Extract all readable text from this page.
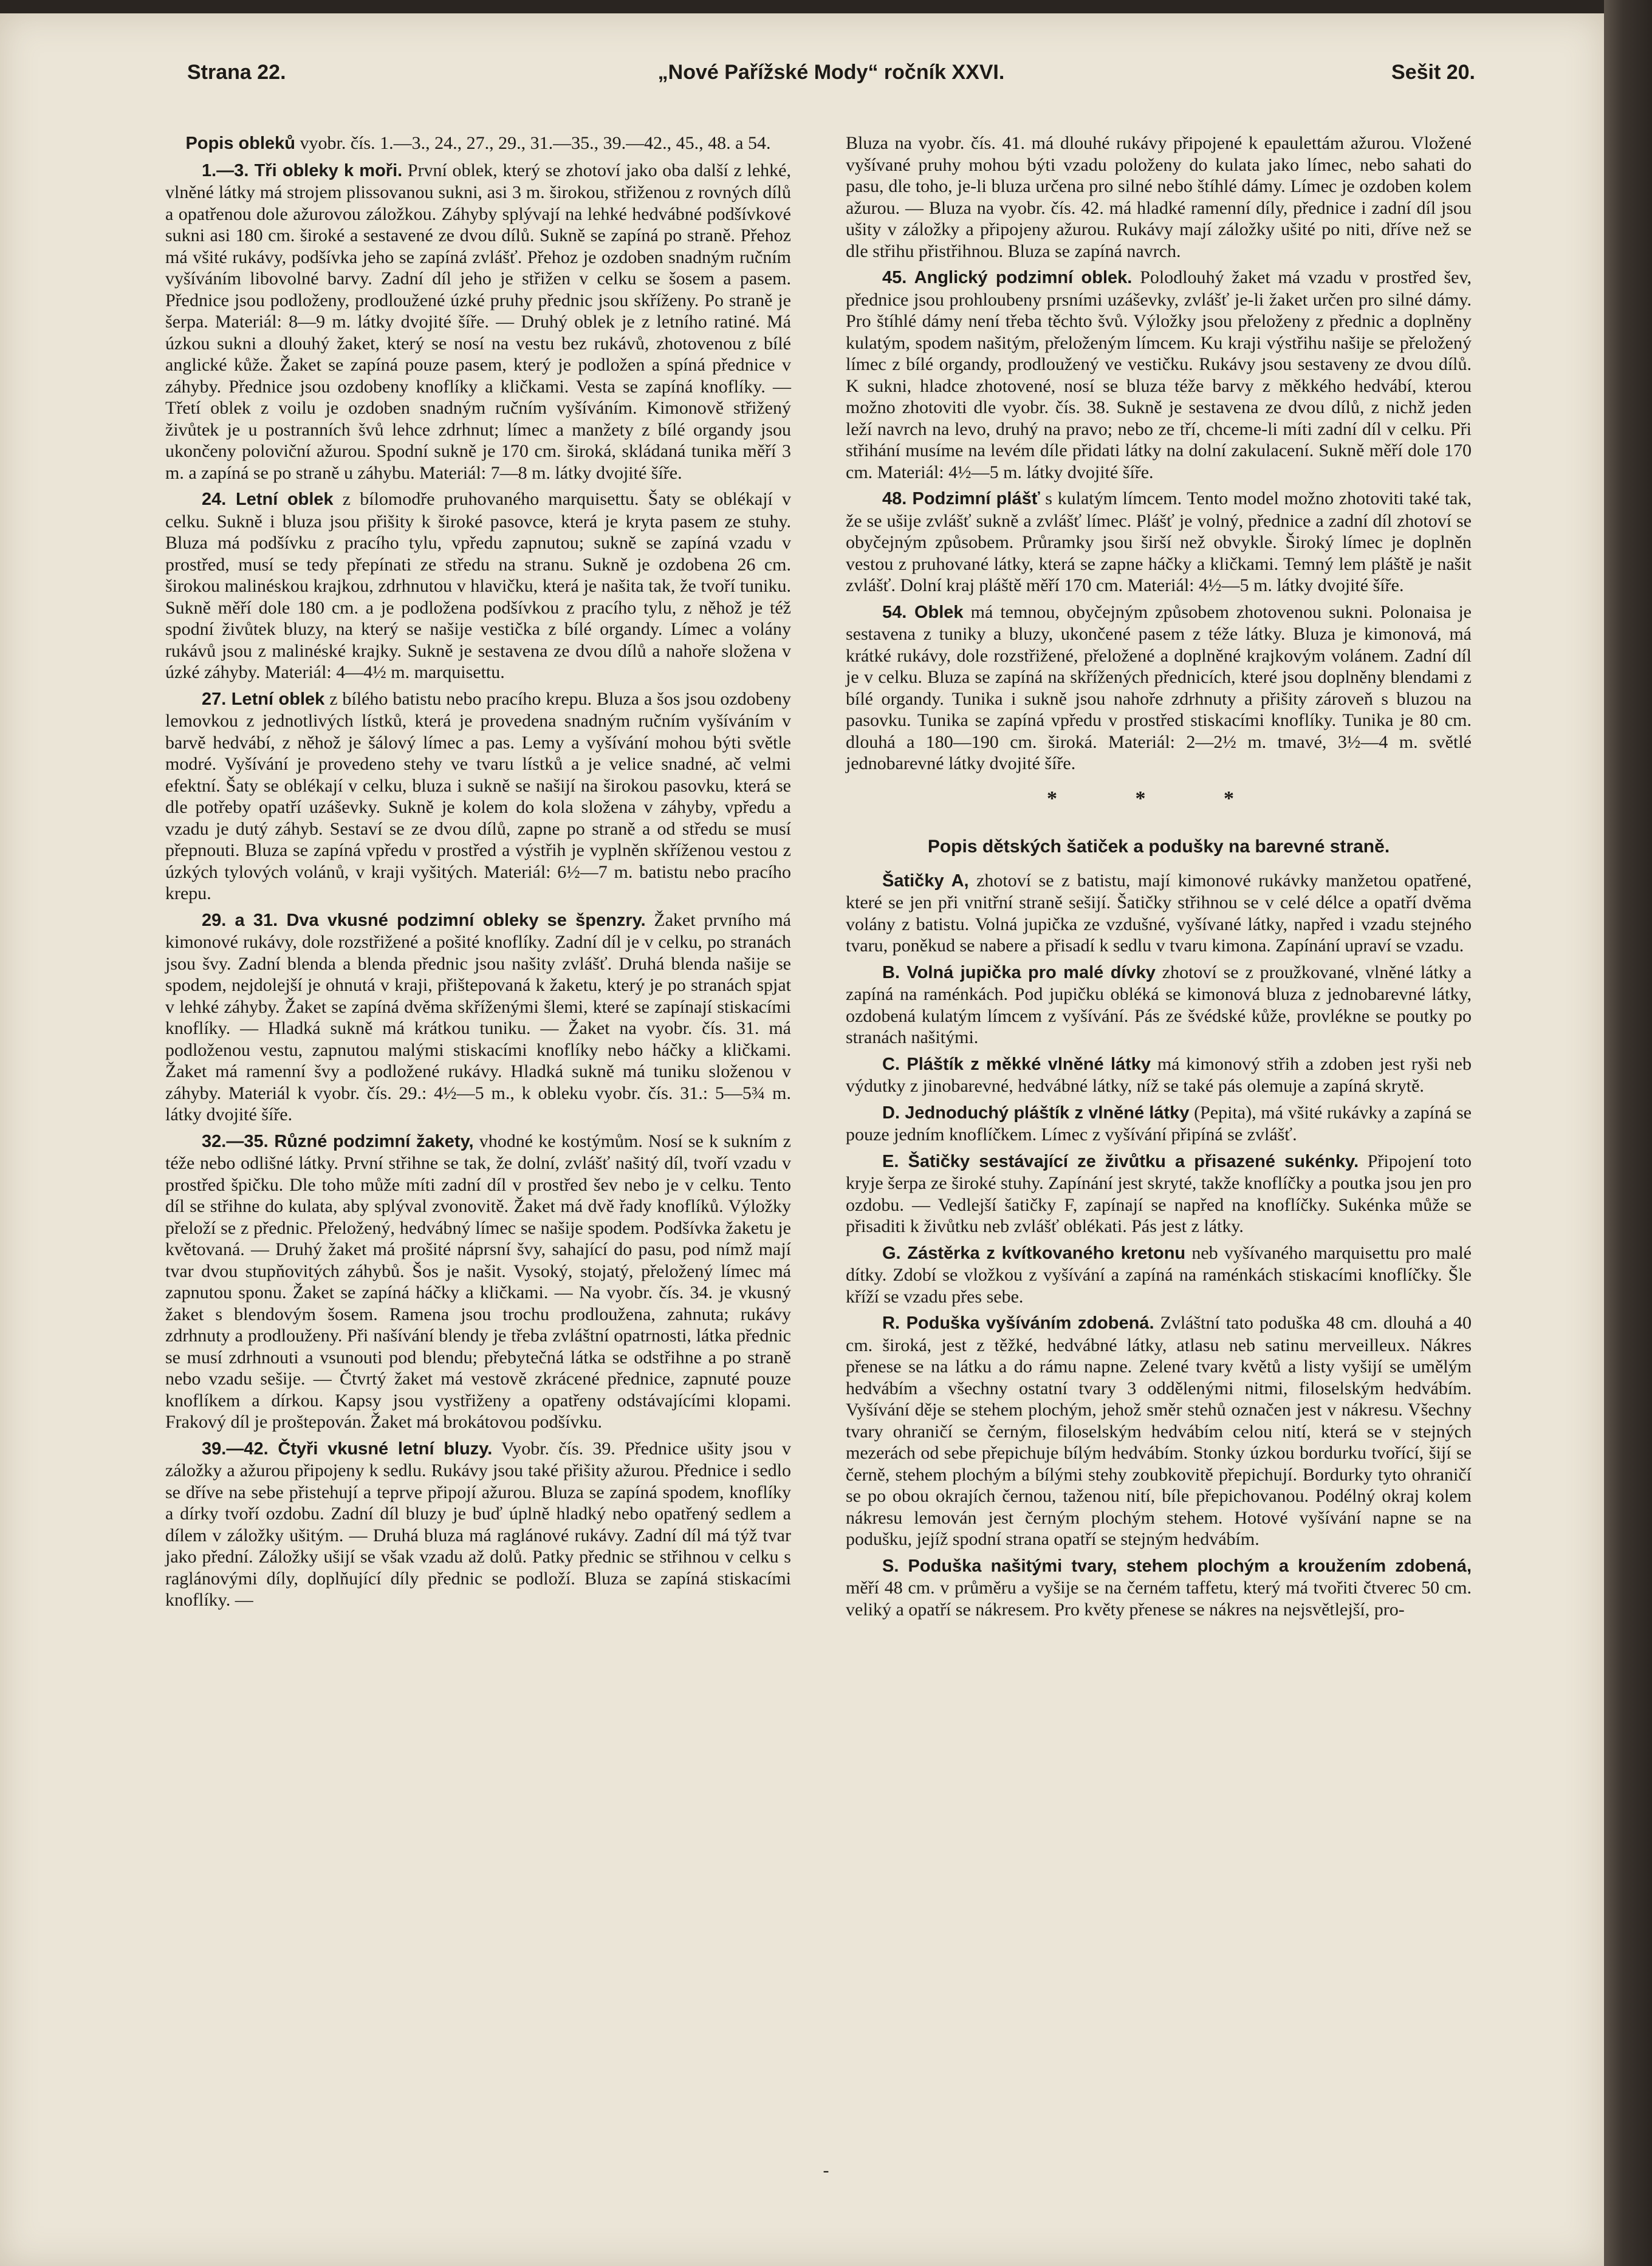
Strana 22.	„Nové Pařížské Mody“ ročník XXVI.	Sešit 20.

Popis obleků vyobr. čís. 1.—3., 24., 27., 29., 31.—35., 39.—42., 45., 48. a 54.

1.—3. Tři obleky k moři. První oblek, který se zhotoví jako oba další z lehké, vlněné látky má strojem plissovanou sukni, asi 3 m. širokou, střiženou z rovných dílů a opatřenou dole ažurovou záložkou. Záhyby splývají na lehké hedvábné podšívkové sukni asi 180 cm. široké a sestavené ze dvou dílů. Sukně se zapíná po straně. Přehoz má všité rukávy, podšívka jeho se zapíná zvlášť. Přehoz je ozdoben snadným ručním vyšíváním libovolné barvy. Zadní díl jeho je střižen v celku se šosem a pasem. Přednice jsou podloženy, prodloužené úzké pruhy přednic jsou skříženy. Po straně je šerpa. Materiál: 8—9 m. látky dvojité šíře. — Druhý oblek je z letního ratiné. Má úzkou sukni a dlouhý žaket, který se nosí na vestu bez rukávů, zhotovenou z bílé anglické kůže. Žaket se zapíná pouze pasem, který je podložen a spíná přednice v záhyby. Přednice jsou ozdobeny knoflíky a kličkami. Vesta se zapíná knoflíky. — Třetí oblek z voilu je ozdoben snadným ručním vyšíváním. Kimonově střižený živůtek je u postranních švů lehce zdrhnut; límec a manžety z bílé organdy jsou ukončeny poloviční ažurou. Spodní sukně je 170 cm. široká, skládaná tunika měří 3 m. a zapíná se po straně u záhybu. Materiál: 7—8 m. látky dvojité šíře.

24. Letní oblek z bílomodře pruhovaného marquisettu. Šaty se oblékají v celku. Sukně i bluza jsou přišity k široké pasovce, která je kryta pasem ze stuhy. Bluza má podšívku z pracího tylu, vpředu zapnutou; sukně se zapíná vzadu v prostřed, musí se tedy přepínati ze středu na stranu. Sukně je ozdobena 26 cm. širokou malinéskou krajkou, zdrhnutou v hlavičku, která je našita tak, že tvoří tuniku. Sukně měří dole 180 cm. a je podložena podšívkou z pracího tylu, z něhož je též spodní živůtek bluzy, na který se našije vestička z bílé organdy. Límec a volány rukávů jsou z malinéské krajky. Sukně je sestavena ze dvou dílů a nahoře složena v úzké záhyby. Materiál: 4—4½ m. marquisettu.

27. Letní oblek z bílého batistu nebo pracího krepu. Bluza a šos jsou ozdobeny lemovkou z jednotlivých lístků, která je provedena snadným ručním vyšíváním v barvě hedvábí, z něhož je šálový límec a pas. Lemy a vyšívání mohou býti světle modré. Vyšívání je provedeno stehy ve tvaru lístků a je velice snadné, ač velmi efektní. Šaty se oblékají v celku, bluza i sukně se našijí na širokou pasovku, která se dle potřeby opatří uzáševky. Sukně je kolem do kola složena v záhyby, vpředu a vzadu je dutý záhyb. Sestaví se ze dvou dílů, zapne po straně a od středu se musí přepnouti. Bluza se zapíná vpředu v prostřed a výstřih je vyplněn skříženou vestou z úzkých tylových volánů, v kraji vyšitých. Materiál: 6½—7 m. batistu nebo pracího krepu.

29. a 31. Dva vkusné podzimní obleky se špenzry. Žaket prvního má kimonové rukávy, dole rozstřižené a pošité knoflíky. Zadní díl je v celku, po stranách jsou švy. Zadní blenda a blenda přednic jsou našity zvlášť. Druhá blenda našije se spodem, nejdolejší je ohnutá v kraji, přištepovaná k žaketu, který je po stranách spjat v lehké záhyby. Žaket se zapíná dvěma skříženými šlemi, které se zapínají stiskacími knoflíky. — Hladká sukně má krátkou tuniku. — Žaket na vyobr. čís. 31. má podloženou vestu, zapnutou malými stiskacími knoflíky nebo háčky a kličkami. Žaket má ramenní švy a podložené rukávy. Hladká sukně má tuniku složenou v záhyby. Materiál k vyobr. čís. 29.: 4½—5 m., k obleku vyobr. čís. 31.: 5—5¾ m. látky dvojité šíře.

32.—35. Různé podzimní žakety, vhodné ke kostýmům. Nosí se k sukním z téže nebo odlišné látky. První střihne se tak, že dolní, zvlášť našitý díl, tvoří vzadu v prostřed špičku. Dle toho může míti zadní díl v prostřed šev nebo je v celku. Tento díl se střihne do kulata, aby splýval zvonovitě. Žaket má dvě řady knoflíků. Výložky přeloží se z přednic. Přeložený, hedvábný límec se našije spodem. Podšívka žaketu je květovaná. — Druhý žaket má prošité náprsní švy, sahající do pasu, pod nímž mají tvar dvou stupňovitých záhybů. Šos je našit. Vysoký, stojatý, přeložený límec má zapnutou sponu. Žaket se zapíná háčky a kličkami. — Na vyobr. čís. 34. je vkusný žaket s blendovým šosem. Ramena jsou trochu prodloužena, zahnuta; rukávy zdrhnuty a prodlouženy. Při našívání blendy je třeba zvláštní opatrnosti, látka přednic se musí zdrhnouti a vsunouti pod blendu; přebytečná látka se odstřihne a po straně nebo vzadu sešije. — Čtvrtý žaket má vestově zkrácené přednice, zapnuté pouze knoflíkem a dírkou. Kapsy jsou vystřiženy a opatřeny odstávajícími klopami. Frakový díl je proštepován. Žaket má brokátovou podšívku.

39.—42. Čtyři vkusné letní bluzy. Vyobr. čís. 39. Přednice ušity jsou v záložky a ažurou připojeny k sedlu. Rukávy jsou také přišity ažurou. Přednice i sedlo se dříve na sebe přistehují a teprve připojí ažurou. Bluza se zapíná spodem, knoflíky a dírky tvoří ozdobu. Zadní díl bluzy je buď úplně hladký nebo opatřený sedlem a dílem v záložky ušitým. — Druhá bluza má raglánové rukávy. Zadní díl má týž tvar jako přední. Záložky ušijí se však vzadu až dolů. Patky přednic se střihnou v celku s raglánovými díly, doplňující díly přednic se podloží. Bluza se zapíná stiskacími knoflíky. —

Bluza na vyobr. čís. 41. má dlouhé rukávy připojené k epaulettám ažurou. Vložené vyšívané pruhy mohou býti vzadu položeny do kulata jako límec, nebo sahati do pasu, dle toho, je-li bluza určena pro silné nebo štíhlé dámy. Límec je ozdoben kolem ažurou. — Bluza na vyobr. čís. 42. má hladké ramenní díly, přednice i zadní díl jsou ušity v záložky a připojeny ažurou. Rukávy mají záložky ušité po niti, dříve než se dle střihu přistřihnou. Bluza se zapíná navrch.

45. Anglický podzimní oblek. Polodlouhý žaket má vzadu v prostřed šev, přednice jsou prohloubeny prsními uzáševky, zvlášť je-li žaket určen pro silné dámy. Pro štíhlé dámy není třeba těchto švů. Výložky jsou přeloženy z přednic a doplněny kulatým, spodem našitým, přeloženým límcem. Ku kraji výstřihu našije se přeložený límec z bílé organdy, prodloužený ve vestičku. Rukávy jsou sestaveny ze dvou dílů. K sukni, hladce zhotovené, nosí se bluza téže barvy z měkkého hedvábí, kterou možno zhotoviti dle vyobr. čís. 38. Sukně je sestavena ze dvou dílů, z nichž jeden leží navrch na levo, druhý na pravo; nebo ze tří, chceme-li míti zadní díl v celku. Při střihání musíme na levém díle přidati látky na dolní zakulacení. Sukně měří dole 170 cm. Materiál: 4½—5 m. látky dvojité šíře.

48. Podzimní plášť s kulatým límcem. Tento model možno zhotoviti také tak, že se ušije zvlášť sukně a zvlášť límec. Plášť je volný, přednice a zadní díl zhotoví se obyčejným způsobem. Průramky jsou širší než obvykle. Široký límec je doplněn vestou z pruhované látky, která se zapne háčky a kličkami. Temný lem pláště je našit zvlášť. Dolní kraj pláště měří 170 cm. Materiál: 4½—5 m. látky dvojité šíře.

54. Oblek má temnou, obyčejným způsobem zhotovenou sukni. Polonaisa je sestavena z tuniky a bluzy, ukončené pasem z téže látky. Bluza je kimonová, má krátké rukávy, dole rozstřižené, přeložené a doplněné krajkovým volánem. Zadní díl je v celku. Bluza se zapíná na skřížených přednicích, které jsou doplněny blendami z bílé organdy. Tunika i sukně jsou nahoře zdrhnuty a přišity zároveň s bluzou na pasovku. Tunika se zapíná vpředu v prostřed stiskacími knoflíky. Tunika je 80 cm. dlouhá a 180—190 cm. široká. Materiál: 2—2½ m. tmavé, 3½—4 m. světlé jednobarevné látky dvojité šíře.

* * *
Popis dětských šatiček a podušky na barevné straně.

Šatičky A, zhotoví se z batistu, mají kimonové rukávky manžetou opatřené, které se jen při vnitřní straně sešijí. Šatičky střihnou se v celé délce a opatří dvěma volány z batistu. Volná jupička ze vzdušné, vyšívané látky, napřed i vzadu stejného tvaru, poněkud se nabere a přisadí k sedlu v tvaru kimona. Zapínání upraví se vzadu.

B. Volná jupička pro malé dívky zhotoví se z proužkované, vlněné látky a zapíná na raménkách. Pod jupičku obléká se kimonová bluza z jednobarevné látky, ozdobená kulatým límcem z vyšívání. Pás ze švédské kůže, provlékne se poutky po stranách našitými.

C. Pláštík z měkké vlněné látky má kimonový střih a zdoben jest ryši neb výdutky z jinobarevné, hedvábné látky, níž se také pás olemuje a zapíná skrytě.

D. Jednoduchý pláštík z vlněné látky (Pepita), má všité rukávky a zapíná se pouze jedním knoflíčkem. Límec z vyšívání připíná se zvlášť.

E. Šatičky sestávající ze živůtku a přisazené sukénky. Připojení toto kryje šerpa ze široké stuhy. Zapínání jest skryté, takže knoflíčky a poutka jsou jen pro ozdobu. — Vedlejší šatičky F, zapínají se napřed na knoflíčky. Sukénka může se přisaditi k živůtku neb zvlášť oblékati. Pás jest z látky.

G. Zástěrka z kvítkovaného kretonu neb vyšívaného marquisettu pro malé dítky. Zdobí se vložkou z vyšívání a zapíná na raménkách stiskacími knoflíčky. Šle kříží se vzadu přes sebe.

R. Poduška vyšíváním zdobená. Zvláštní tato poduška 48 cm. dlouhá a 40 cm. široká, jest z těžké, hedvábné látky, atlasu neb satinu merveilleux. Nákres přenese se na látku a do rámu napne. Zelené tvary květů a listy vyšijí se umělým hedvábím a všechny ostatní tvary 3 oddělenými nitmi, filoselským hedvábím. Vyšívání děje se stehem plochým, jehož směr stehů označen jest v nákresu. Všechny tvary ohraničí se černým, filoselským hedvábím celou nití, která se v stejných mezerách od sebe přepichuje bílým hedvábím. Stonky úzkou bordurku tvořící, šijí se černě, stehem plochým a bílými stehy zoubkovitě přepichují. Bordurky tyto ohraničí se po obou okrajích černou, taženou nití, bíle přepichovanou. Podélný okraj kolem nákresu lemován jest černým plochým stehem. Hotové vyšívání napne se na podušku, jejíž spodní strana opatří se stejným hedvábím.

S. Poduška našitými tvary, stehem plochým a kroužením zdobená, měří 48 cm. v průměru a vyšije se na černém taffetu, který má tvořiti čtverec 50 cm. veliký a opatří se nákresem. Pro květy přenese se nákres na nejsvětlejší, pro-

-
